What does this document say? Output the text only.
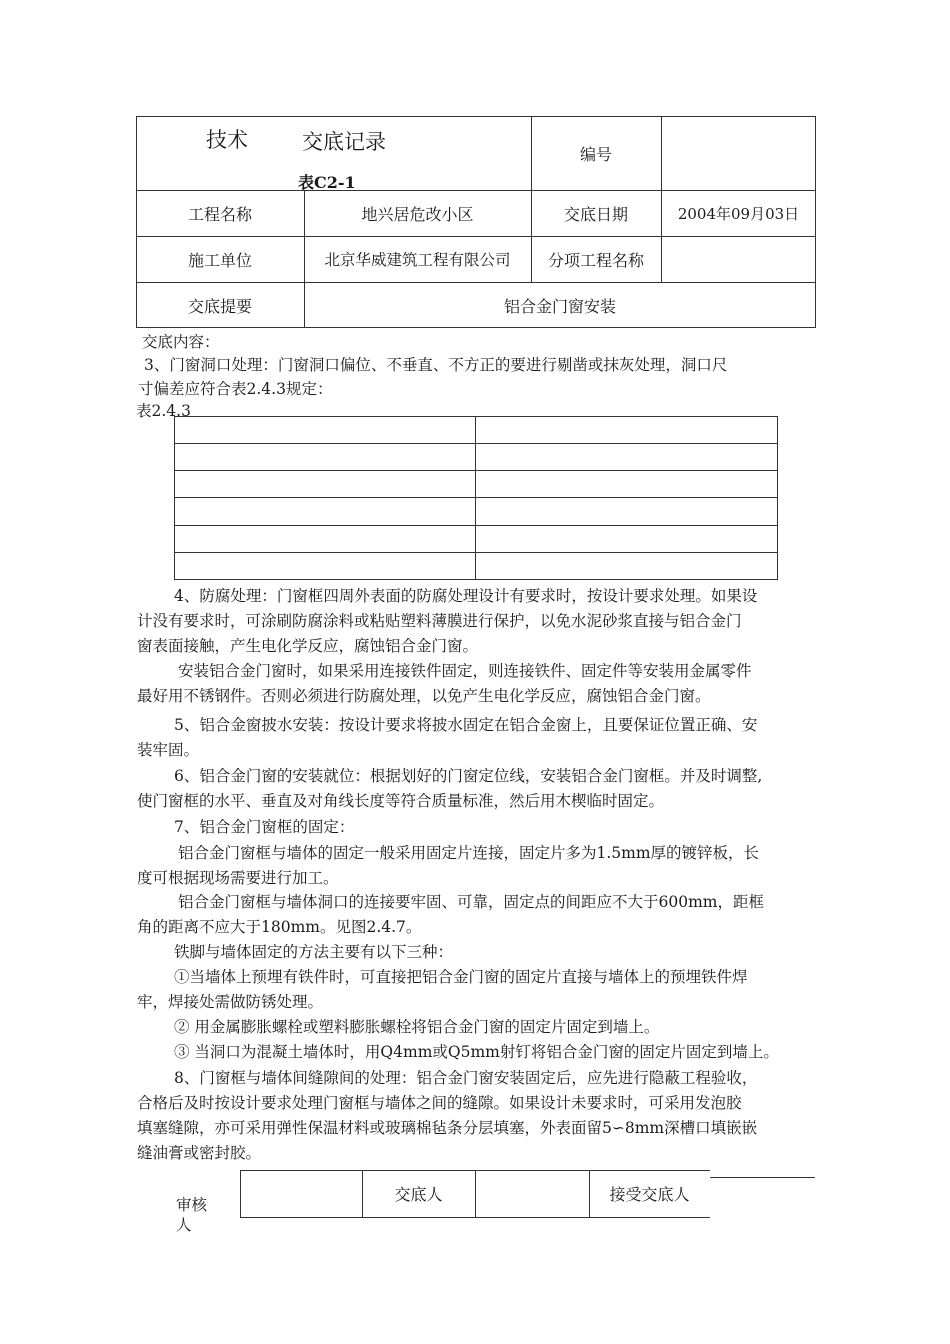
技术	交底记录
表C2-1
编号
工程名称	地兴居危改小区	交底日期	2004年09月03日
施工单位	北京华威建筑工程有限公司	分项工程名称
交底提要	铝合金门窗安装
交底内容：
3、门窗洞口处理：门窗洞口偏位、不垂直、不方正的要进行剔凿或抹灰处理，洞口尺
寸偏差应符合表2.4.3规定：
表2.4.3
4、防腐处理：门窗框四周外表面的防腐处理设计有要求时，按设计要求处理。如果设
计没有要求时，可涂刷防腐涂料或粘贴塑料薄膜进行保护，以免水泥砂浆直接与铝合金门
窗表面接触，产生电化学反应，腐蚀铝合金门窗。
安装铝合金门窗时，如果采用连接铁件固定，则连接铁件、固定件等安装用金属零件
最好用不锈钢件。否则必须进行防腐处理，以免产生电化学反应，腐蚀铝合金门窗。
5、铝合金窗披水安装：按设计要求将披水固定在铝合金窗上，且要保证位置正确、安
装牢固。
6、铝合金门窗的安装就位：根据划好的门窗定位线，安装铝合金门窗框。并及时调整,
使门窗框的水平、垂直及对角线长度等符合质量标准，然后用木楔临时固定。
7、铝合金门窗框的固定：
铝合金门窗框与墙体的固定一般采用固定片连接，固定片多为1.5mm厚的镀锌板，长
度可根据现场需要进行加工。
铝合金门窗框与墙体洞口的连接要牢固、可靠，固定点的间距应不大于600mm，距框
角的距离不应大于180mm。见图2.4.7。
铁脚与墙体固定的方法主要有以下三种：
①当墙体上预埋有铁件时，可直接把铝合金门窗的固定片直接与墙体上的预埋铁件焊
牢，焊接处需做防锈处理。
② 用金属膨胀螺栓或塑料膨胀螺栓将铝合金门窗的固定片固定到墙上。
③ 当洞口为混凝土墙体时，用Q4mm或Q5mm射钉将铝合金门窗的固定片固定到墙上。
8、门窗框与墙体间缝隙间的处理：铝合金门窗安装固定后，应先进行隐蔽工程验收，
合格后及时按设计要求处理门窗框与墙体之间的缝隙。如果设计未要求时，可采用发泡胶
填塞缝隙，亦可采用弹性保温材料或玻璃棉毡条分层填塞，外表面留5∽8mm深槽口填嵌嵌
缝油膏或密封胶。
审核人
交底人	接受交底人
